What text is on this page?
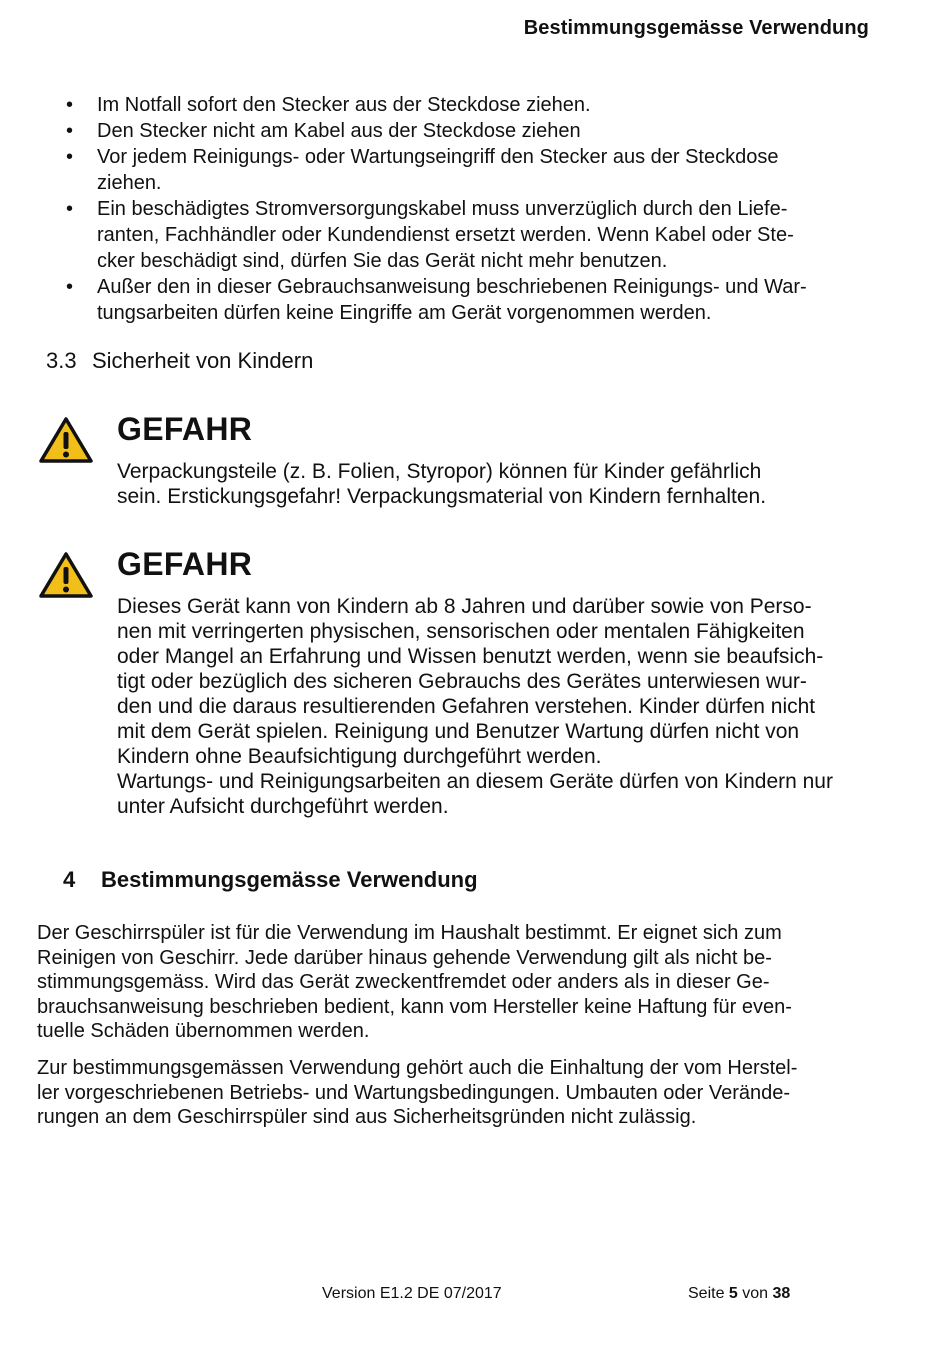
Bestimmungsgemässe Verwendung
• Im Notfall sofort den Stecker aus der Steckdose ziehen.
• Den Stecker nicht am Kabel aus der Steckdose ziehen
• Vor jedem Reinigungs- oder Wartungseingriff den Stecker aus der Steckdose
ziehen.
• Ein beschädigtes Stromversorgungskabel muss unverzüglich durch den Liefe-
ranten, Fachhändler oder Kundendienst ersetzt werden. Wenn Kabel oder Ste-
cker beschädigt sind, dürfen Sie das Gerät nicht mehr benutzen.
• Außer den in dieser Gebrauchsanweisung beschriebenen Reinigungs- und War-
tungsarbeiten dürfen keine Eingriffe am Gerät vorgenommen werden.
3.3 Sicherheit von Kindern
GEFAHR
Verpackungsteile (z. B. Folien, Styropor) können für Kinder gefährlich
sein. Erstickungsgefahr! Verpackungsmaterial von Kindern fernhalten.
GEFAHR
Dieses Gerät kann von Kindern ab 8 Jahren und darüber sowie von Perso-
nen mit verringerten physischen, sensorischen oder mentalen Fähigkeiten
oder Mangel an Erfahrung und Wissen benutzt werden, wenn sie beaufsich-
tigt oder bezüglich des sicheren Gebrauchs des Gerätes unterwiesen wur-
den und die daraus resultierenden Gefahren verstehen. Kinder dürfen nicht
mit dem Gerät spielen. Reinigung und Benutzer Wartung dürfen nicht von
Kindern ohne Beaufsichtigung durchgeführt werden.
Wartungs- und Reinigungsarbeiten an diesem Geräte dürfen von Kindern nur
unter Aufsicht durchgeführt werden.
4 Bestimmungsgemässe Verwendung
Der Geschirrspüler ist für die Verwendung im Haushalt bestimmt. Er eignet sich zum
Reinigen von Geschirr. Jede darüber hinaus gehende Verwendung gilt als nicht be-
stimmungsgemäss. Wird das Gerät zweckentfremdet oder anders als in dieser Ge-
brauchsanweisung beschrieben bedient, kann vom Hersteller keine Haftung für even-
tuelle Schäden übernommen werden.
Zur bestimmungsgemässen Verwendung gehört auch die Einhaltung der vom Herstel-
ler vorgeschriebenen Betriebs- und Wartungsbedingungen. Umbauten oder Verände-
rungen an dem Geschirrspüler sind aus Sicherheitsgründen nicht zulässig.
Version E1.2 DE 07/2017	Seite 5 von 38
